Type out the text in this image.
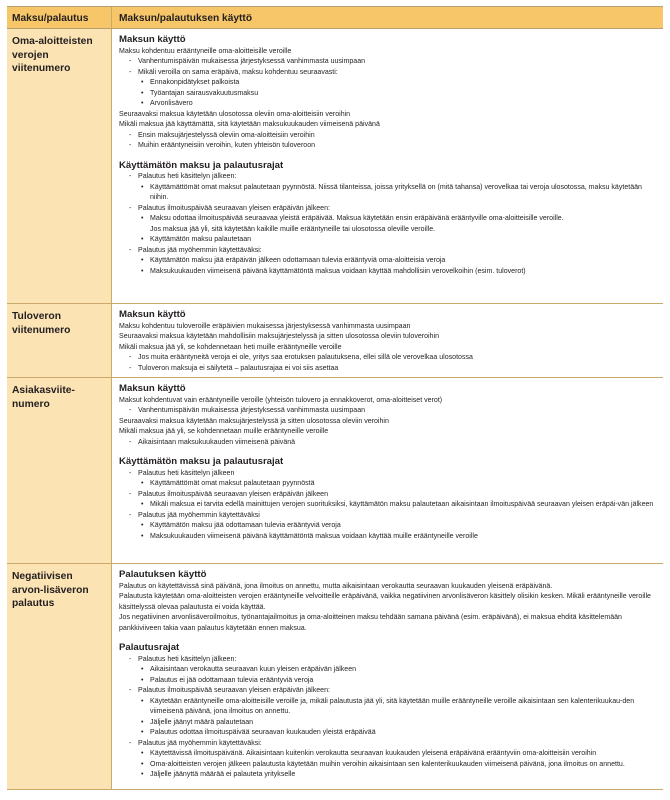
Maksu/palautus	Maksun/palautuksen käyttö
Oma-aloitteisten verojen viitenumero
Maksun käyttö
Maksu kohdentuu erääntyneille oma-aloitteisille veroille
- Vanhentumispäivän mukaisessa järjestyksessä vanhimmasta uusimpaan
- Mikäli veroilla on sama eräpäivä, maksu kohdentuu seuraavasti:
• Ennakonpidätykset palkoista
• Työantajan sairausvakuutusmaksu
• Arvonlisävero
Seuraavaksi maksua käytetään ulosotossa oleviin oma-aloitteisiin veroihin
Mikäli maksua jää käyttämättä, sitä käytetään maksukuukauden viimeisenä päivänä
- Ensin maksujärjestelyssä oleviin oma-aloitteisiin veroihin
- Muihin erääntyneisiin veroihin, kuten yhteisön tuloveroon
Käyttämätön maksu ja palautusrajat
- Palautus heti käsittelyn jälkeen:
• Käyttämättömät omat maksut palautetaan pyynnöstä. Niissä tilanteissa, joissa yrityksellä on (mitä tahansa) verovelkaa tai veroja ulosotossa, maksu käytetään niihin.
- Palautus ilmoituspäivää seuraavan yleisen eräpäivän jälkeen:
• Maksu odottaa ilmoituspäivää seuraavaa yleistä eräpäivää. Maksua käytetään ensin eräpäivänä erääntyville oma-aloitteisille veroille.
Jos maksua jää yli, sitä käytetään kaikille muille erääntyneille tai ulosotossa oleville veroille.
• Käyttämätön maksu palautetaan
- Palautus jää myöhemmin käytettäväksi:
• Käyttämätön maksu jää eräpäivän jälkeen odottamaan tulevia erääntyviä oma-aloitteisia veroja
• Maksukuukauden viimeisenä päivänä käyttämätöntä maksua voidaan käyttää mahdollisiin verovelkoihin (esim. tuloverot)
Tuloveron viitenumero
Maksun käyttö
Maksu kohdentuu tuloveroille eräpäivien mukaisessa järjestyksessä vanhimmasta uusimpaan
Seuraavaksi maksua käytetään mahdollisiin maksujärjestelyssä ja sitten ulosotossa oleviin tuloveroihin
Mikäli maksua jää yli, se kohdennetaan heti muille erääntyneille veroille
- Jos muita erääntyneitä veroja ei ole, yritys saa erotuksen palautuksena, ellei sillä ole verovelkaa ulosotossa
- Tuloveron maksuja ei säilytetä – palautusrajaa ei voi siis asettaa
Asiakasviite-numero
Maksun käyttö
Maksut kohdentuvat vain erääntyneille veroille (yhteisön tulovero ja ennakkoverot, oma-aloitteiset verot)
- Vanhentumispäivän mukaisessa järjestyksessä vanhimmasta uusimpaan
Seuraavaksi maksua käytetään maksujärjestelyssä ja sitten ulosotossa oleviin veroihin
Mikäli maksua jää yli, se kohdennetaan muille erääntyneille veroille
- Aikaisintaan maksukuukauden viimeisenä päivänä
Käyttämätön maksu ja palautusrajat
- Palautus heti käsittelyn jälkeen
• Käyttämättömät omat maksut palautetaan pyynnöstä
- Palautus ilmoituspäivää seuraavan yleisen eräpäivän jälkeen
• Mikäli maksua ei tarvita edellä mainittujen verojen suorituksiksi, käyttämätön maksu palautetaan aikaisintaan ilmoituspäivää seuraavan yleisen eräpäi-vän jälkeen
- Palautus jää myöhemmin käytettäväksi
• Käyttämätön maksu jää odottamaan tulevia erääntyviä veroja
• Maksukuukauden viimeisenä päivänä käyttämätöntä maksua voidaan käyttää muille erääntyneille veroille
Negatiivisen arvon-lisäveron palautus
Palautuksen käyttö
Palautus on käytettävissä sinä päivänä, jona ilmoitus on annettu, mutta aikaisintaan verokautta seuraavan kuukauden yleisenä eräpäivänä.
Palautusta käytetään oma-aloitteisten verojen erääntyneille velvoitteille eräpäivänä, vaikka negatiivinen arvonlisäveron käsittely olisikin kesken. Mikäli erääntyneille veroille käsittelyssä olevaa palautusta ei voida käyttää.
Jos negatiivinen arvonlisäveroilmoitus, työnantajailmoitus ja oma-aloitteinen maksu tehdään samana päivänä (esim. eräpäivänä), ei maksua ehditä käsittelemään pankkiviiveen takia vaan palautus käytetään ennen maksua.
Palautusrajat
- Palautus heti käsittelyn jälkeen:
• Aikaisintaan verokautta seuraavan kuun yleisen eräpäivän jälkeen
• Palautus ei jää odottamaan tulevia erääntyviä veroja
- Palautus ilmoituspäivää seuraavan yleisen eräpäivän jälkeen:
• Käytetään erääntyneille oma-aloitteisille veroille ja, mikäli palautusta jää yli, sitä käytetään muille erääntyneille veroille aikaisintaan sen kalenterikuukau-den viimeisenä päivänä, jona ilmoitus on annettu.
• Jäljelle jäänyt määrä palautetaan
• Palautus odottaa ilmoituspäivää seuraavan kuukauden yleistä eräpäivää
- Palautus jää myöhemmin käytettäväksi:
• Käytettävissä ilmoituspäivänä. Aikaisintaan kuitenkin verokautta seuraavan kuukauden yleisenä eräpäivänä erääntyviin oma-aloitteisiin veroihin
• Oma-aloitteisten verojen jälkeen palautusta käytetään muihin veroihin aikaisintaan sen kalenterikuukauden viimeisenä päivänä, jona ilmoitus on annettu.
• Jäljelle jäänyttä määrää ei palauteta yritykselle
